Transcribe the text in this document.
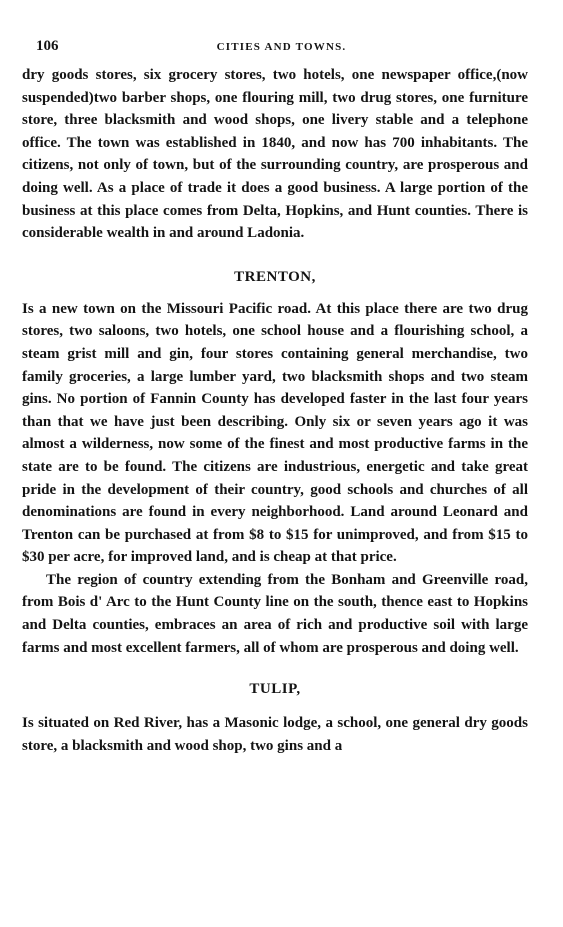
106	CITIES AND TOWNS.

dry goods stores, six grocery stores, two hotels, one newspaper office,(now suspended)two barber shops, one flouring mill, two drug stores, one furniture store, three blacksmith and wood shops, one livery stable and a telephone office. The town was established in 1840, and now has 700 inhabitants. The citizens, not only of town, but of the surrounding country, are prosperous and doing well. As a place of trade it does a good business. A large portion of the business at this place comes from Delta, Hopkins, and Hunt counties. There is considerable wealth in and around Ladonia.

TRENTON,

Is a new town on the Missouri Pacific road. At this place there are two drug stores, two saloons, two hotels, one school house and a flourishing school, a steam grist mill and gin, four stores containing general merchandise, two family groceries, a large lumber yard, two blacksmith shops and two steam gins. No portion of Fannin County has developed faster in the last four years than that we have just been describing. Only six or seven years ago it was almost a wilderness, now some of the finest and most productive farms in the state are to be found. The citizens are industrious, energetic and take great pride in the development of their country, good schools and churches of all denominations are found in every neighborhood. Land around Leonard and Trenton can be purchased at from $8 to $15 for unimproved, and from $15 to $30 per acre, for improved land, and is cheap at that price.

The region of country extending from the Bonham and Greenville road, from Bois d' Arc to the Hunt County line on the south, thence east to Hopkins and Delta counties, embraces an area of rich and productive soil with large farms and most excellent farmers, all of whom are prosperous and doing well.

TULIP,

Is situated on Red River, has a Masonic lodge, a school, one general dry goods store, a blacksmith and wood shop, two gins and a
